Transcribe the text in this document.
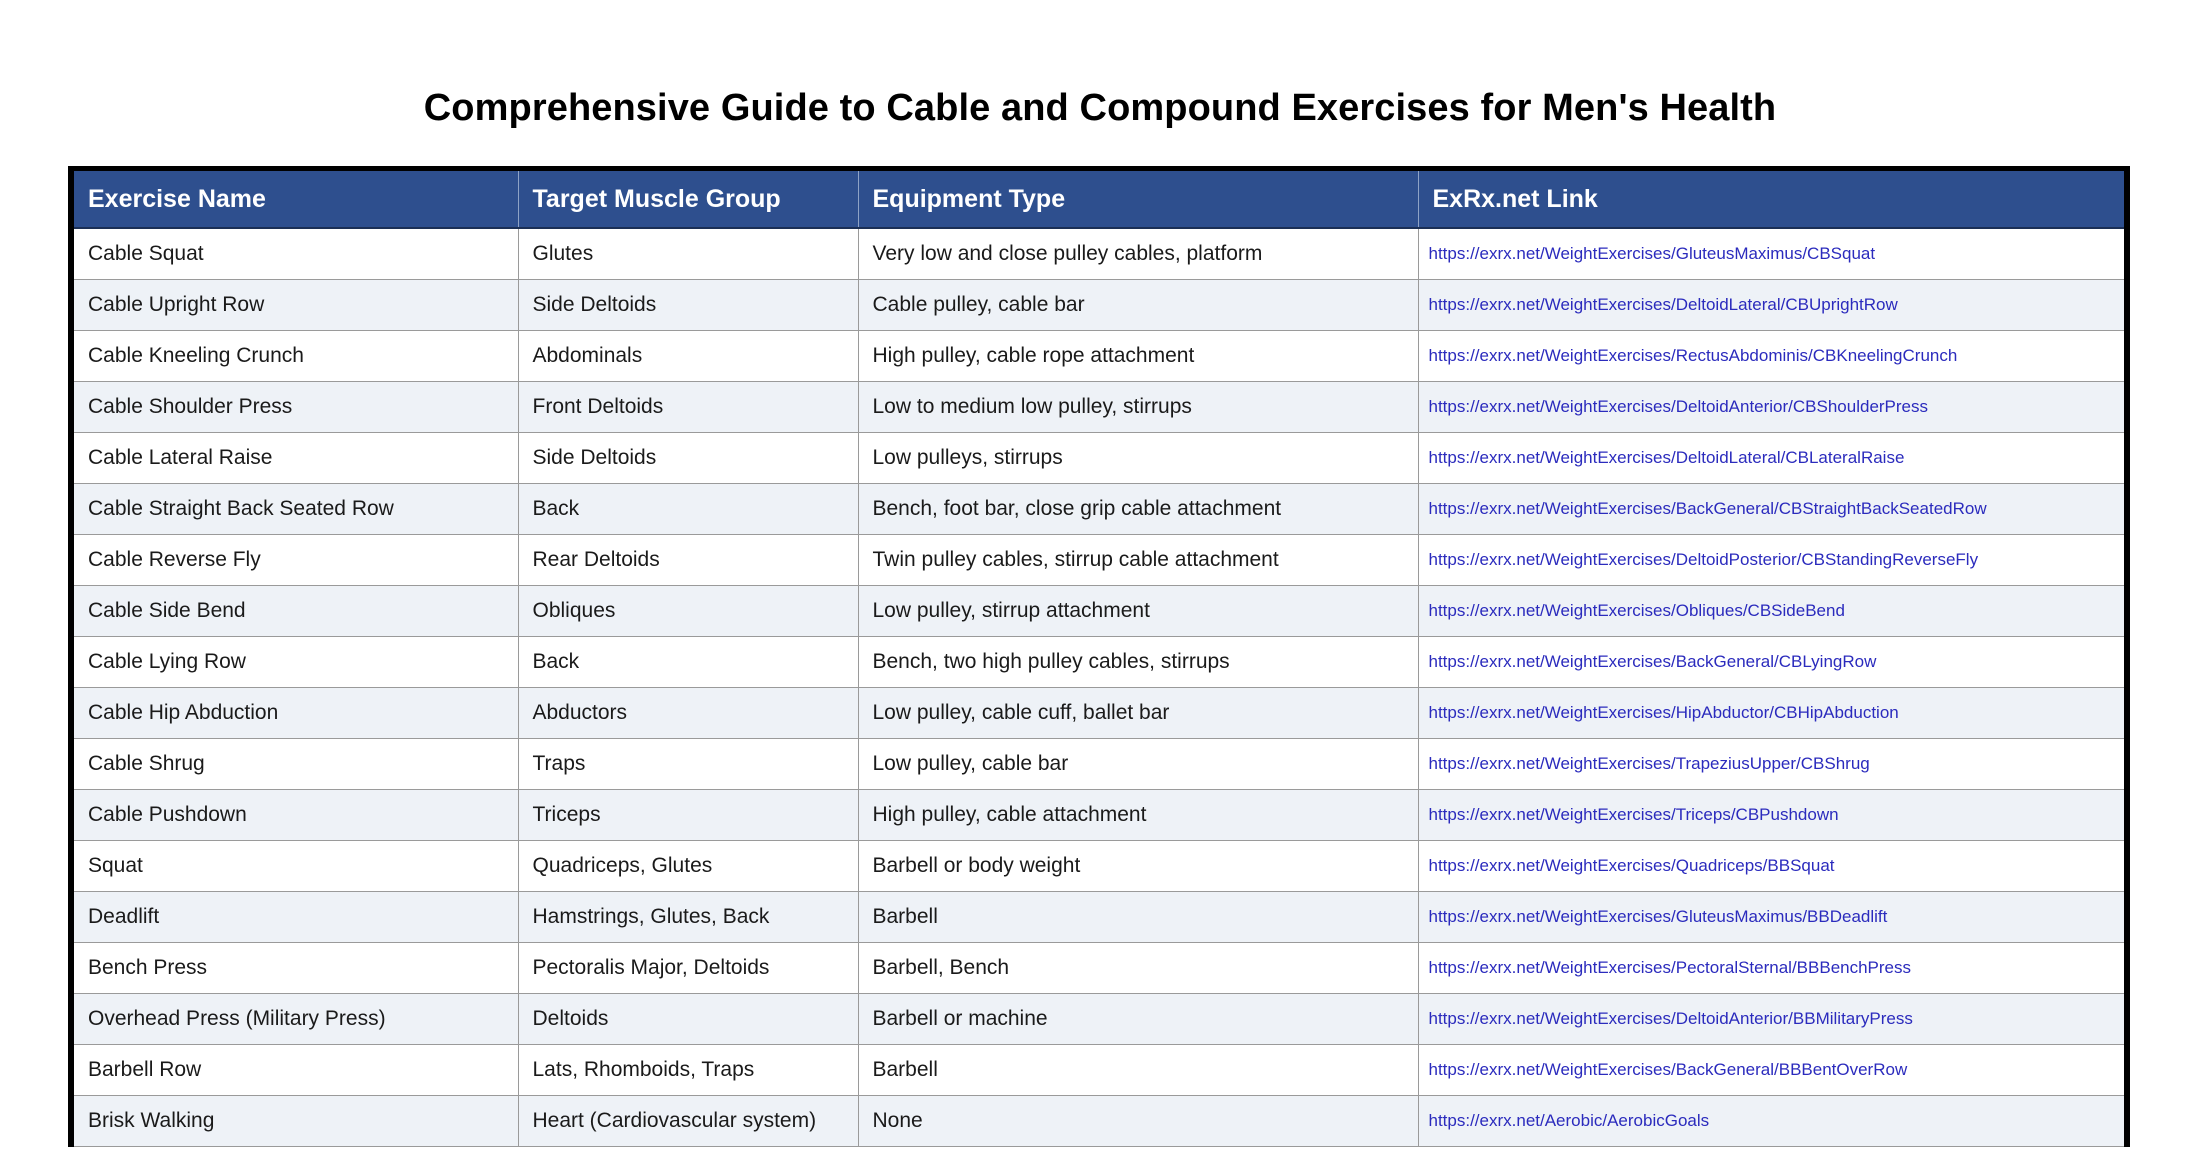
Comprehensive Guide to Cable and Compound Exercises for Men's Health
Exercise Name	Target Muscle Group	Equipment Type	ExRx.net Link
Cable Squat	Glutes	Very low and close pulley cables, platform	https://exrx.net/WeightExercises/GluteusMaximus/CBSquat
Cable Upright Row	Side Deltoids	Cable pulley, cable bar	https://exrx.net/WeightExercises/DeltoidLateral/CBUprightRow
Cable Kneeling Crunch	Abdominals	High pulley, cable rope attachment	https://exrx.net/WeightExercises/RectusAbdominis/CBKneelingCrunch
Cable Shoulder Press	Front Deltoids	Low to medium low pulley, stirrups	https://exrx.net/WeightExercises/DeltoidAnterior/CBShoulderPress
Cable Lateral Raise	Side Deltoids	Low pulleys, stirrups	https://exrx.net/WeightExercises/DeltoidLateral/CBLateralRaise
Cable Straight Back Seated Row	Back	Bench, foot bar, close grip cable attachment	https://exrx.net/WeightExercises/BackGeneral/CBStraightBackSeatedRow
Cable Reverse Fly	Rear Deltoids	Twin pulley cables, stirrup cable attachment	https://exrx.net/WeightExercises/DeltoidPosterior/CBStandingReverseFly
Cable Side Bend	Obliques	Low pulley, stirrup attachment	https://exrx.net/WeightExercises/Obliques/CBSideBend
Cable Lying Row	Back	Bench, two high pulley cables, stirrups	https://exrx.net/WeightExercises/BackGeneral/CBLyingRow
Cable Hip Abduction	Abductors	Low pulley, cable cuff, ballet bar	https://exrx.net/WeightExercises/HipAbductor/CBHipAbduction
Cable Shrug	Traps	Low pulley, cable bar	https://exrx.net/WeightExercises/TrapeziusUpper/CBShrug
Cable Pushdown	Triceps	High pulley, cable attachment	https://exrx.net/WeightExercises/Triceps/CBPushdown
Squat	Quadriceps, Glutes	Barbell or body weight	https://exrx.net/WeightExercises/Quadriceps/BBSquat
Deadlift	Hamstrings, Glutes, Back	Barbell	https://exrx.net/WeightExercises/GluteusMaximus/BBDeadlift
Bench Press	Pectoralis Major, Deltoids	Barbell, Bench	https://exrx.net/WeightExercises/PectoralSternal/BBBenchPress
Overhead Press (Military Press)	Deltoids	Barbell or machine	https://exrx.net/WeightExercises/DeltoidAnterior/BBMilitaryPress
Barbell Row	Lats, Rhomboids, Traps	Barbell	https://exrx.net/WeightExercises/BackGeneral/BBBentOverRow
Brisk Walking	Heart (Cardiovascular system)	None	https://exrx.net/Aerobic/AerobicGoals
